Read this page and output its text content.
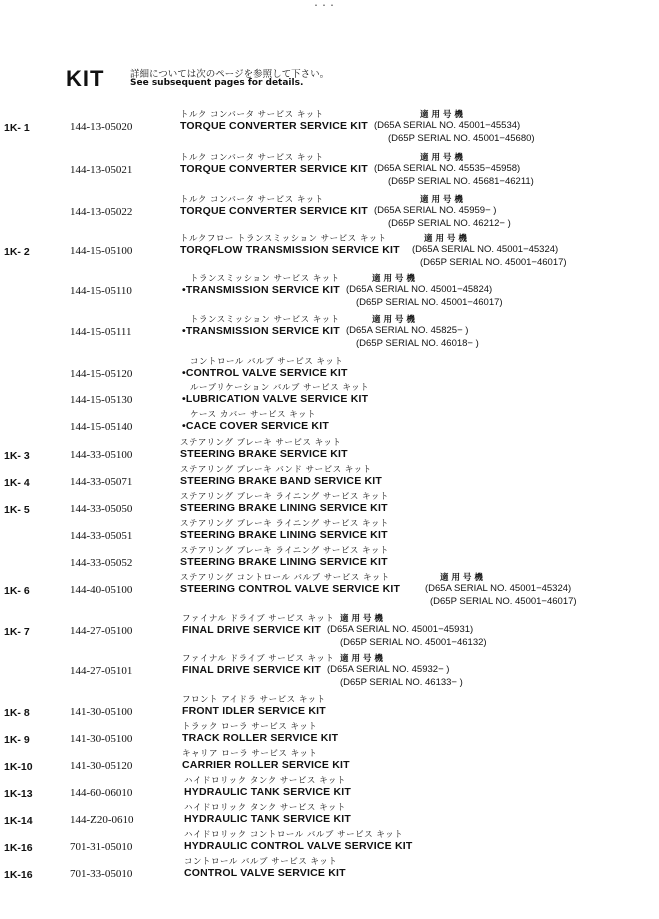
・・・
KIT	詳細については次のページを参照して下さい。
See subsequent pages for details.
1K- 1	144-13-05020
トルク コンバータ サービス キット	適 用 号 機
TORQUE CONVERTER SERVICE KIT (D65A SERIAL NO. 45001−45534)
(D65P SERIAL NO. 45001−45680)
144-13-05021
トルク コンバータ サービス キット	適 用 号 機
TORQUE CONVERTER SERVICE KIT (D65A SERIAL NO. 45535−45958)
(D65P SERIAL NO. 45681−46211)
144-13-05022
トルク コンバータ サービス キット	適 用 号 機
TORQUE CONVERTER SERVICE KIT (D65A SERIAL NO. 45959− )
(D65P SERIAL NO. 46212− )
1K- 2	144-15-05100
トルクフロー トランスミッション サービス キット	適 用 号 機
TORQFLOW TRANSMISSION SERVICE KIT (D65A SERIAL NO. 45001−45324)
(D65P SERIAL NO. 45001−46017)
144-15-05110
トランスミッション サービス キット	適 用 号 機
•TRANSMISSION SERVICE KIT (D65A SERIAL NO. 45001−45824)
(D65P SERIAL NO. 45001−46017)
144-15-05111
トランスミッション サービス キット	適 用 号 機
•TRANSMISSION SERVICE KIT (D65A SERIAL NO. 45825− )
(D65P SERIAL NO. 46018− )
144-15-05120
コントロール バルブ サービス キット
•CONTROL VALVE SERVICE KIT
144-15-05130
ルーブリケーション バルブ サービス キット
•LUBRICATION VALVE SERVICE KIT
144-15-05140
ケース カバー サービス キット
•CACE COVER SERVICE KIT
1K- 3	144-33-05100
ステアリング ブレーキ サービス キット
STEERING BRAKE SERVICE KIT
1K- 4	144-33-05071
ステアリング ブレーキ バンド サービス キット
STEERING BRAKE BAND SERVICE KIT
1K- 5	144-33-05050
ステアリング ブレーキ ライニング サービス キット
STEERING BRAKE LINING SERVICE KIT
144-33-05051
ステアリング ブレーキ ライニング サービス キット
STEERING BRAKE LINING SERVICE KIT
144-33-05052
ステアリング ブレーキ ライニング サービス キット
STEERING BRAKE LINING SERVICE KIT
1K- 6	144-40-05100
ステアリング コントロール バルブ サービス キット	適 用 号 機
STEERING CONTROL VALVE SERVICE KIT	(D65A SERIAL NO. 45001−45324)
(D65P SERIAL NO. 45001−46017)
1K- 7	144-27-05100
ファイナル ドライブ サービス キット 適 用 号 機
FINAL DRIVE SERVICE KIT (D65A SERIAL NO. 45001−45931)
(D65P SERIAL NO. 45001−46132)
144-27-05101
ファイナル ドライブ サービス キット 適 用 号 機
FINAL DRIVE SERVICE KIT (D65A SERIAL NO. 45932− )
(D65P SERIAL NO. 46133− )
1K- 8	141-30-05100
フロント アイドラ サービス キット
FRONT IDLER SERVICE KIT
1K- 9	141-30-05100
トラック ローラ サービス キット
TRACK ROLLER SERVICE KIT
1K-10	141-30-05120
キャリア ローラ サービス キット
CARRIER ROLLER SERVICE KIT
1K-13	144-60-06010
ハイドロリック タンク サービス キット
HYDRAULIC TANK SERVICE KIT
1K-14	144-Z20-0610
ハイドロリック タンク サービス キット
HYDRAULIC TANK SERVICE KIT
1K-16	701-31-05010
ハイドロリック コントロール バルブ サービス キット
HYDRAULIC CONTROL VALVE SERVICE KIT
1K-16	701-33-05010
コントロール バルブ サービス キット
CONTROL VALVE SERVICE KIT
